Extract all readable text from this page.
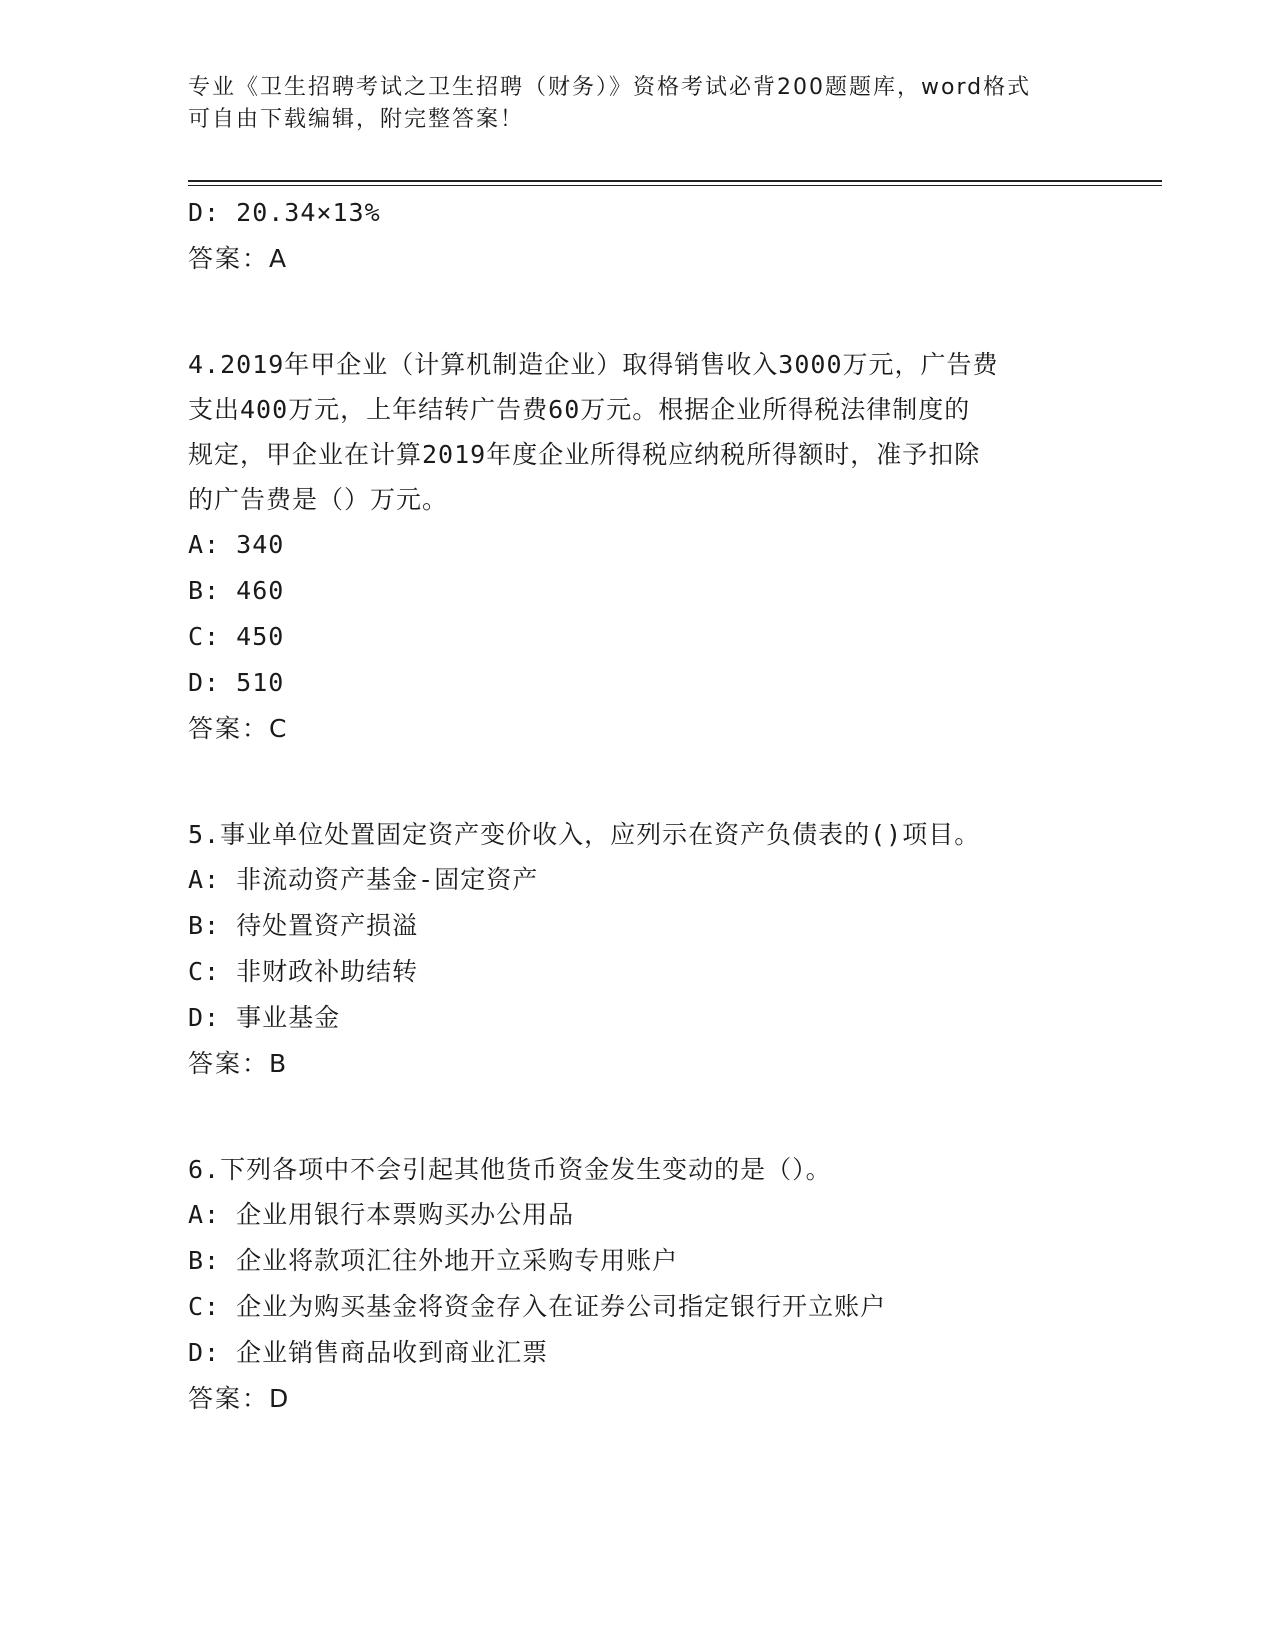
专业《卫生招聘考试之卫生招聘（财务）》资格考试必背200题题库，word格式
可自由下载编辑，附完整答案！
D: 20.34×13%
答案：A
4.2019年甲企业（计算机制造企业）取得销售收入3000万元，广告费
支出400万元，上年结转广告费60万元。根据企业所得税法律制度的
规定，甲企业在计算2019年度企业所得税应纳税所得额时，准予扣除
的广告费是（）万元。
A: 340
B: 460
C: 450
D: 510
答案：C
5.事业单位处置固定资产变价收入，应列示在资产负债表的()项目。
A: 非流动资产基金-固定资产
B: 待处置资产损溢
C: 非财政补助结转
D: 事业基金
答案：B
6.下列各项中不会引起其他货币资金发生变动的是（）。
A: 企业用银行本票购买办公用品
B: 企业将款项汇往外地开立采购专用账户
C: 企业为购买基金将资金存入在证券公司指定银行开立账户
D: 企业销售商品收到商业汇票
答案：D
